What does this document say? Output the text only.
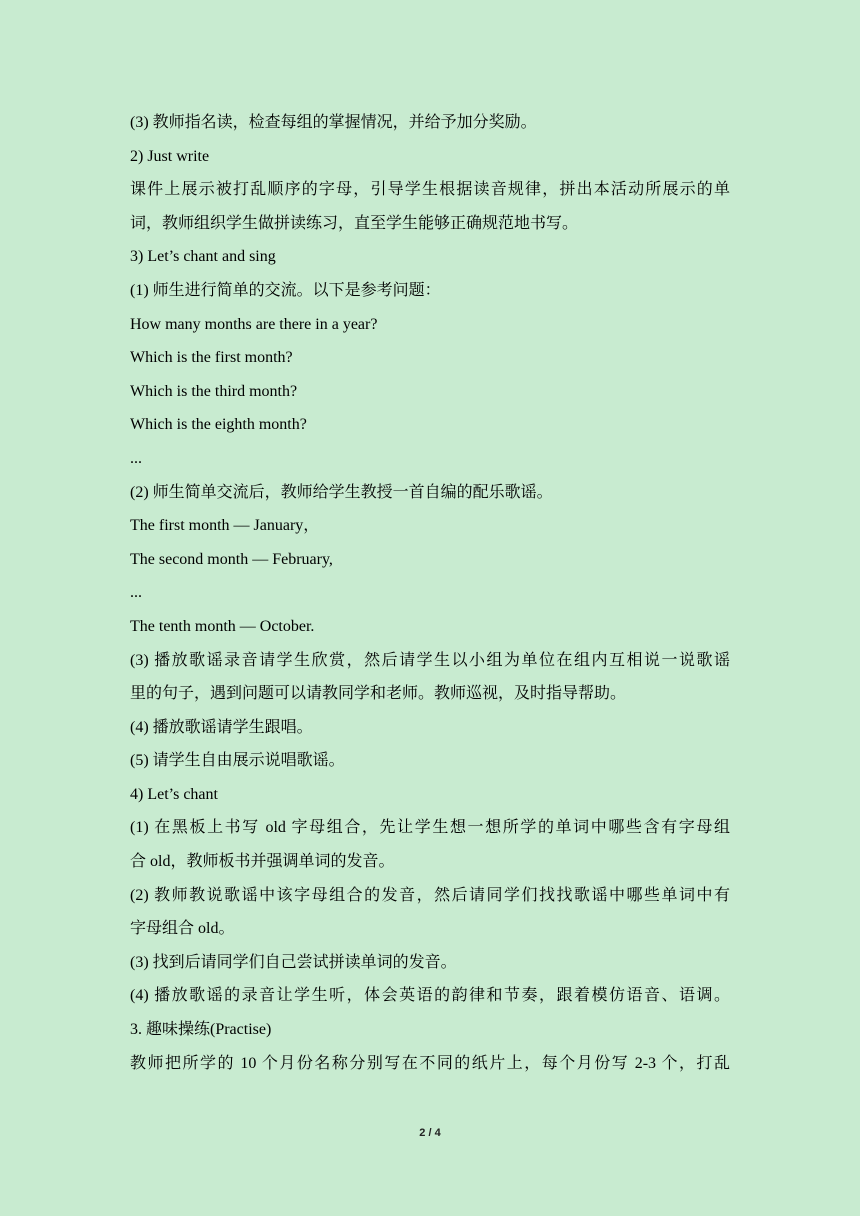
(3) 教师指名读，检查每组的掌握情况，并给予加分奖励。
2) Just write
课件上展示被打乱顺序的字母，引导学生根据读音规律，拼出本活动所展示的单
词，教师组织学生做拼读练习，直至学生能够正确规范地书写。
3) Let’s chant and sing
(1) 师生进行简单的交流。以下是参考问题：
How many months are there in a year?
Which is the first month?
Which is the third month?
Which is the eighth month?
...
(2) 师生简单交流后，教师给学生教授一首自编的配乐歌谣。
The first month — January，
The second month — February,
...
The tenth month — October.
(3) 播放歌谣录音请学生欣赏，然后请学生以小组为单位在组内互相说一说歌谣
里的句子，遇到问题可以请教同学和老师。教师巡视，及时指导帮助。
(4) 播放歌谣请学生跟唱。
(5) 请学生自由展示说唱歌谣。
4) Let’s chant
(1) 在黑板上书写 old 字母组合，先让学生想一想所学的单词中哪些含有字母组
合 old，教师板书并强调单词的发音。
(2) 教师教说歌谣中该字母组合的发音，然后请同学们找找歌谣中哪些单词中有
字母组合 old。
(3) 找到后请同学们自己尝试拼读单词的发音。
(4) 播放歌谣的录音让学生听，体会英语的韵律和节奏，跟着模仿语音、语调。
3. 趣味操练(Practise)
教师把所学的 10 个月份名称分别写在不同的纸片上，每个月份写 2-3 个，打乱
2 / 4
